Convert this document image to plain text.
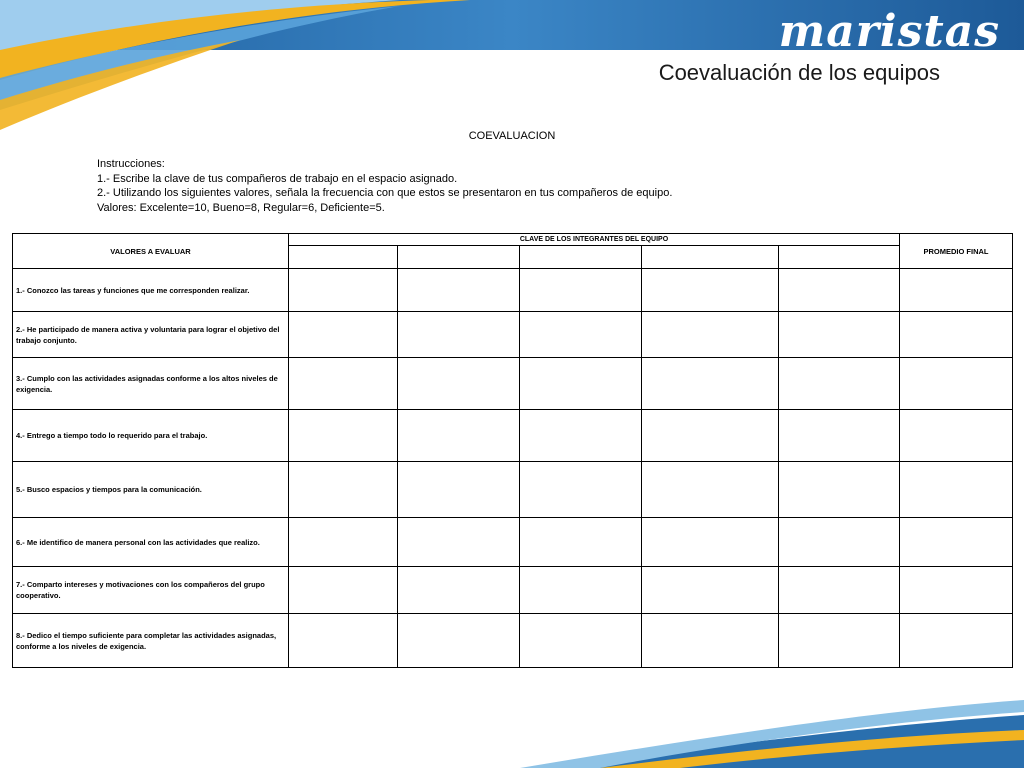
maristas
Coevaluación de los equipos
COEVALUACION
Instrucciones:
1.- Escribe la clave de tus compañeros de trabajo en el espacio asignado.
2.- Utilizando los siguientes valores, señala la frecuencia con que estos se presentaron en tus compañeros de equipo.
Valores: Excelente=10, Bueno=8, Regular=6, Deficiente=5.
VALORES A EVALUAR	CLAVE DE LOS INTEGRANTES DEL EQUIPO					PROMEDIO FINAL

1.- Conozco las tareas y funciones que me corresponden realizar.						
2.- He participado de manera activa y voluntaria para lograr el objetivo del trabajo conjunto.						
3.- Cumplo con las actividades asignadas conforme a los altos niveles de exigencia.						
4.- Entrego a tiempo todo lo requerido para el trabajo.						
5.- Busco espacios y tiempos para la comunicación.						
6.- Me identifico de manera personal con las actividades que realizo.						
7.- Comparto intereses y motivaciones con los compañeros del grupo cooperativo.						
8.- Dedico el tiempo suficiente para completar las actividades asignadas, conforme a los niveles de exigencia.						
